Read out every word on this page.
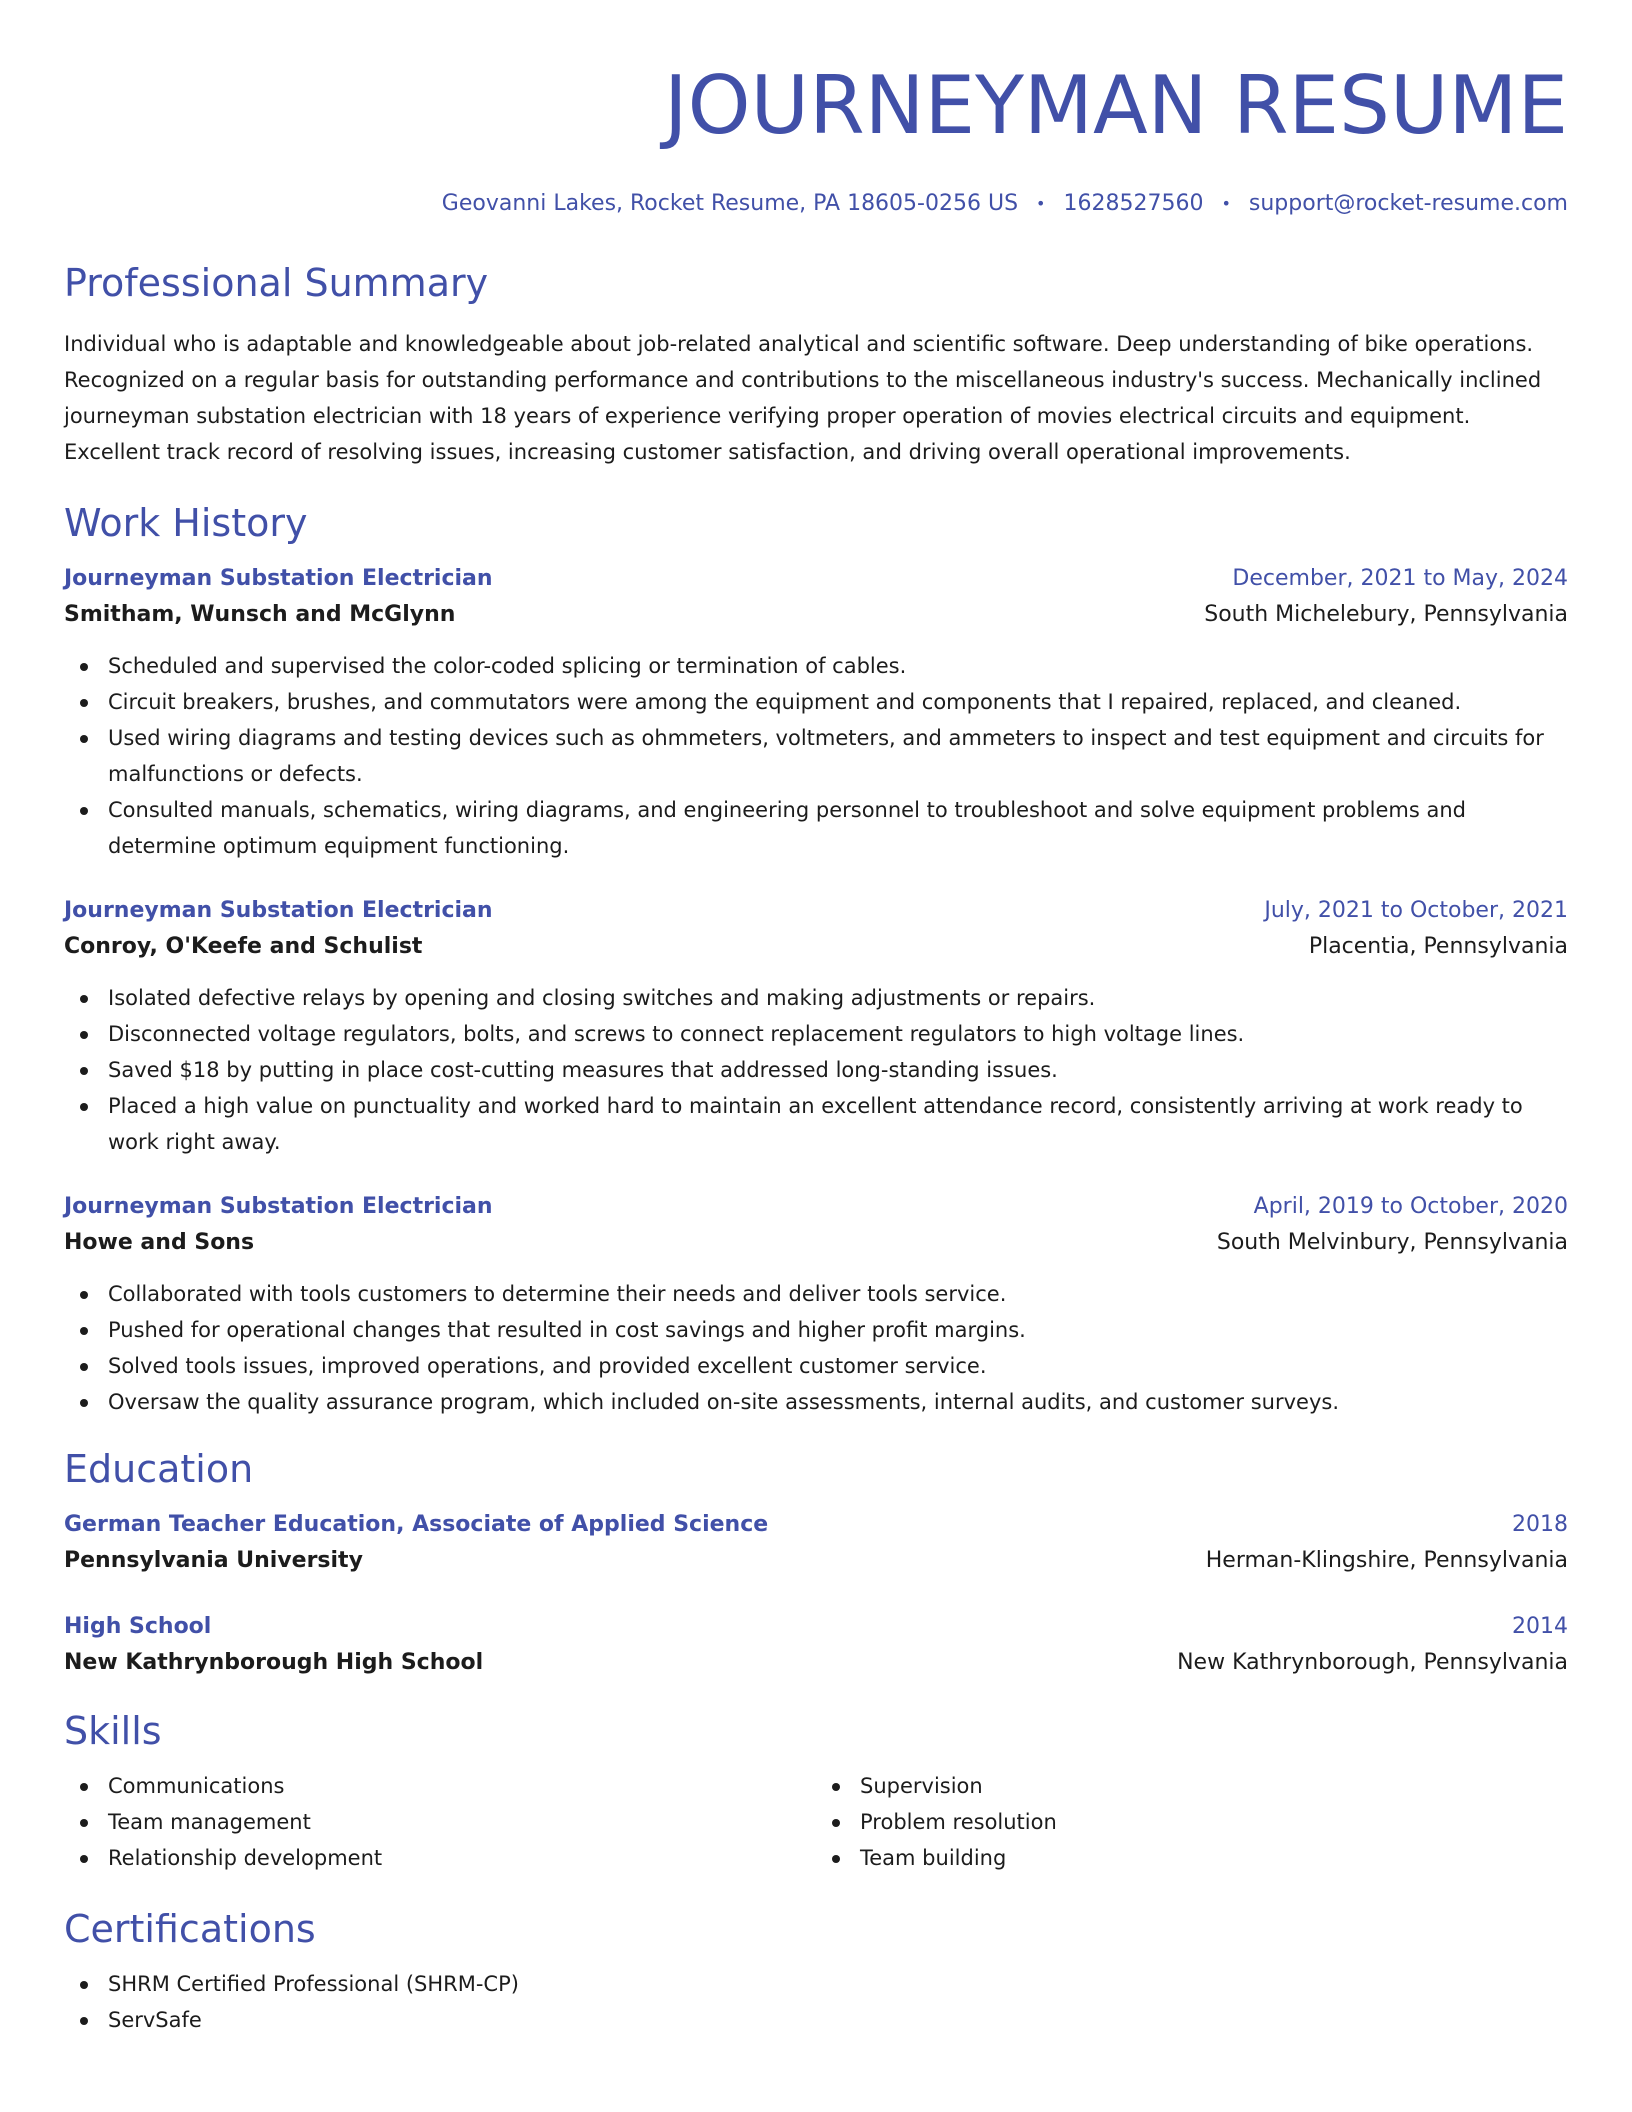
JOURNEYMAN RESUME
Geovanni Lakes, Rocket Resume, PA 18605-0256 US • 1628527560 • support@rocket-resume.com
Professional Summary

Individual who is adaptable and knowledgeable about job-related analytical and scientific software. Deep understanding of bike operations. Recognized on a regular basis for outstanding performance and contributions to the miscellaneous industry's success. Mechanically inclined journeyman substation electrician with 18 years of experience verifying proper operation of movies electrical circuits and equipment. Excellent track record of resolving issues, increasing customer satisfaction, and driving overall operational improvements.

Work History
Journeyman Substation Electrician	December, 2021 to May, 2024
Smitham, Wunsch and McGlynn	South Michelebury, Pennsylvania
Scheduled and supervised the color-coded splicing or termination of cables.
Circuit breakers, brushes, and commutators were among the equipment and components that I repaired, replaced, and cleaned.
Used wiring diagrams and testing devices such as ohmmeters, voltmeters, and ammeters to inspect and test equipment and circuits for malfunctions or defects.
Consulted manuals, schematics, wiring diagrams, and engineering personnel to troubleshoot and solve equipment problems and determine optimum equipment functioning.
Journeyman Substation Electrician	July, 2021 to October, 2021
Conroy, O'Keefe and Schulist	Placentia, Pennsylvania
Isolated defective relays by opening and closing switches and making adjustments or repairs.
Disconnected voltage regulators, bolts, and screws to connect replacement regulators to high voltage lines.
Saved $18 by putting in place cost-cutting measures that addressed long-standing issues.
Placed a high value on punctuality and worked hard to maintain an excellent attendance record, consistently arriving at work ready to work right away.
Journeyman Substation Electrician	April, 2019 to October, 2020
Howe and Sons	South Melvinbury, Pennsylvania
Collaborated with tools customers to determine their needs and deliver tools service.
Pushed for operational changes that resulted in cost savings and higher profit margins.
Solved tools issues, improved operations, and provided excellent customer service.
Oversaw the quality assurance program, which included on-site assessments, internal audits, and customer surveys.
Education
German Teacher Education, Associate of Applied Science	2018
Pennsylvania University	Herman-Klingshire, Pennsylvania
High School	2014
New Kathrynborough High School	New Kathrynborough, Pennsylvania
Skills
Communications
Team management
Relationship development
Supervision
Problem resolution
Team building
Certifications
SHRM Certified Professional (SHRM-CP)
ServSafe
